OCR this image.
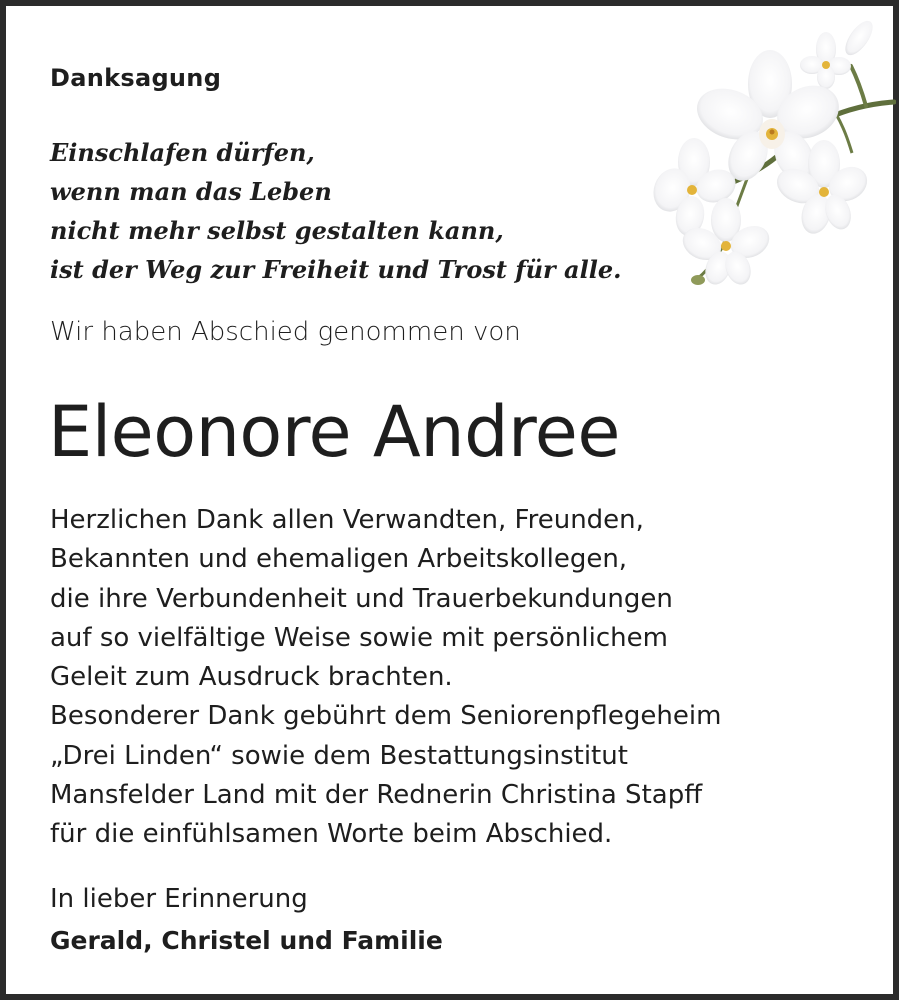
Danksagung
Einschlafen dürfen,
wenn man das Leben
nicht mehr selbst gestalten kann,
ist der Weg zur Freiheit und Trost für alle.
Wir haben Abschied genommen von
Eleonore Andree
Herzlichen Dank allen Verwandten, Freunden,
Bekannten und ehemaligen Arbeitskollegen,
die ihre Verbundenheit und Trauerbekundungen
auf so vielfältige Weise sowie mit persönlichem
Geleit zum Ausdruck brachten.
Besonderer Dank gebührt dem Seniorenpflegeheim
„Drei Linden“ sowie dem Bestattungsinstitut
Mansfelder Land mit der Rednerin Christina Stapff
für die einfühlsamen Worte beim Abschied.
In lieber Erinnerung
Gerald, Christel und Familie
